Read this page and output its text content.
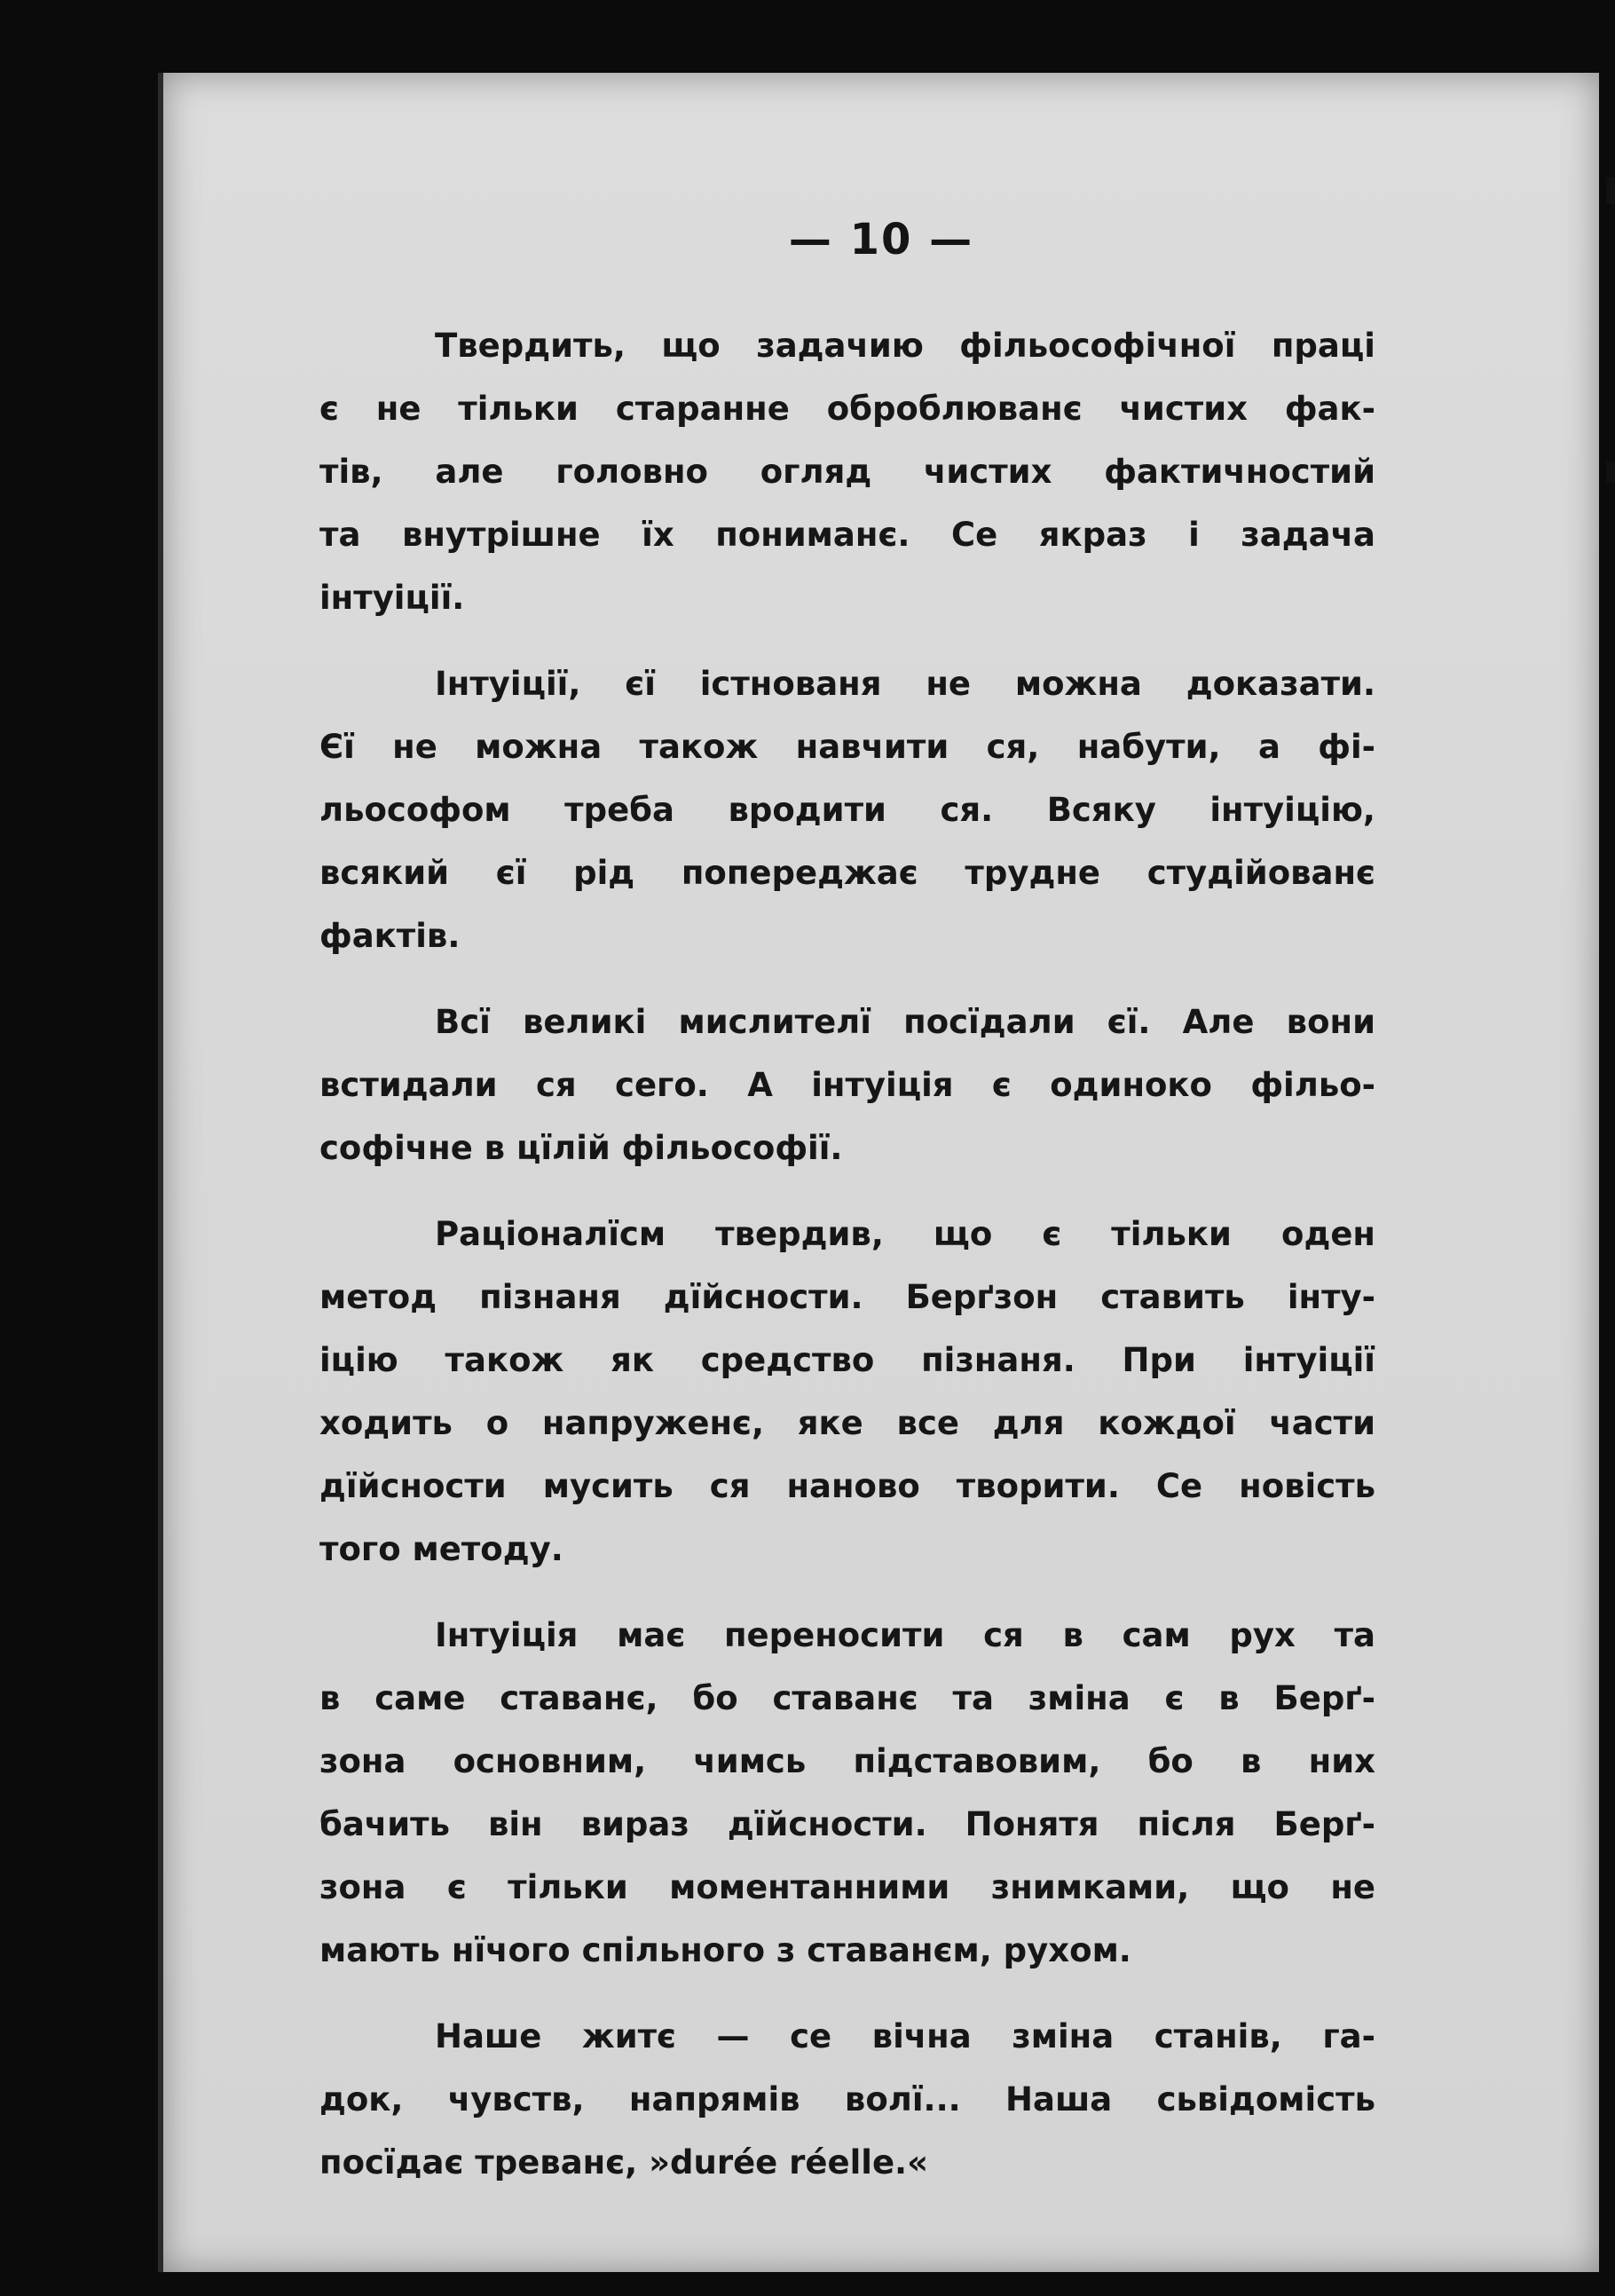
— 10 —
Твердить, що задачию фільософічної праці
є не тільки старанне оброблюванє чистих фак-
тів, але головно огляд чистих фактичностий
та внутрішне їх пониманє. Се якраз і задача
інтуіції.
Інтуіції, єї істнованя не можна доказати.
Єї не можна також навчити ся, набути, а фі-
льософом треба вродити ся. Всяку інтуіцію,
всякий єї рід попереджає трудне студійованє
фактів.
Всї великі мислителї посїдали єї. Але вони
встидали ся сего. А інтуіція є одиноко фільо-
софічне в цїлій фільософії.
Раціоналїсм твердив, що є тільки оден
метод пізнаня дїйсности. Берґзон ставить інту-
іцію також як средство пізнаня. При інтуіції
ходить о напруженє, яке все для кождої части
дїйсности мусить ся наново творити. Се новість
того методу.
Інтуіція має переносити ся в сам рух та
в саме ставанє, бо ставанє та зміна є в Берґ-
зона основним, чимсь підставовим, бо в них
бачить він вираз дїйсности. Понятя після Берґ-
зона є тільки моментанними знимками, що не
мають нїчого спільного з ставанєм, рухом.
Наше житє — се вічна зміна станів, га-
док, чувств, напрямів волї... Наша сьвідомість
посїдає треванє, »durée réelle.«
